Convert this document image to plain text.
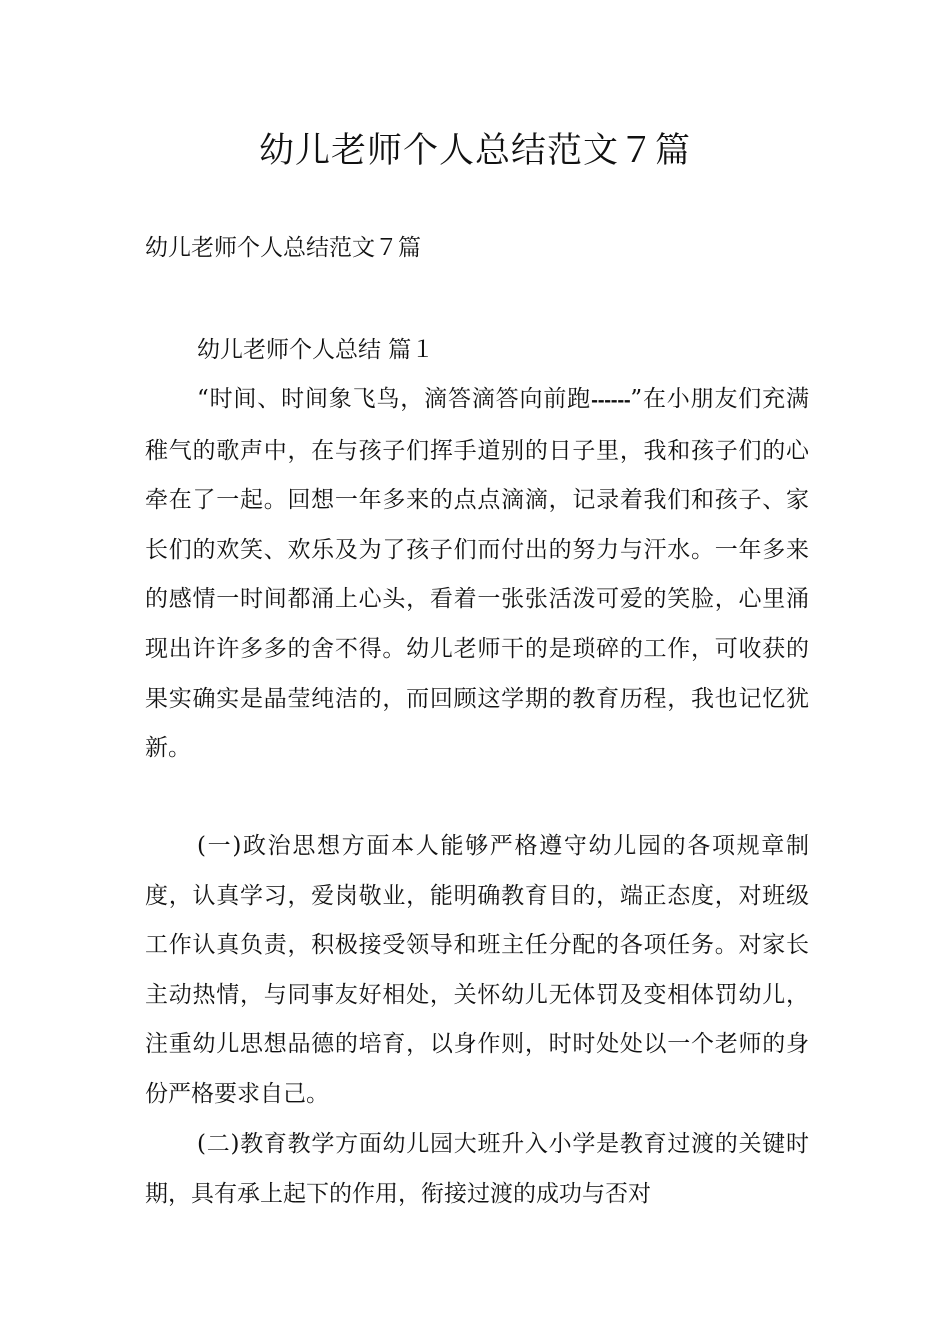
幼儿老师个人总结范文７篇

幼儿老师个人总结范文７篇

幼儿老师个人总结 篇１

“时间、时间象飞鸟，滴答滴答向前跑------”在小朋友们充满稚气的歌声中，在与孩子们挥手道别的日子里，我和孩子们的心牵在了一起。回想一年多来的点点滴滴，记录着我们和孩子、家长们的欢笑、欢乐及为了孩子们而付出的努力与汗水。一年多来的感情一时间都涌上心头，看着一张张活泼可爱的笑脸，心里涌现出许许多多的舍不得。幼儿老师干的是琐碎的工作，可收获的果实确实是晶莹纯洁的，而回顾这学期的教育历程，我也记忆犹新。

(一)政治思想方面本人能够严格遵守幼儿园的各项规章制度，认真学习，爱岗敬业，能明确教育目的，端正态度，对班级工作认真负责，积极接受领导和班主任分配的各项任务。对家长主动热情，与同事友好相处，关怀幼儿无体罚及变相体罚幼儿，注重幼儿思想品德的培育，以身作则，时时处处以一个老师的身份严格要求自己。

(二)教育教学方面幼儿园大班升入小学是教育过渡的关键时期，具有承上起下的作用，衔接过渡的成功与否对
